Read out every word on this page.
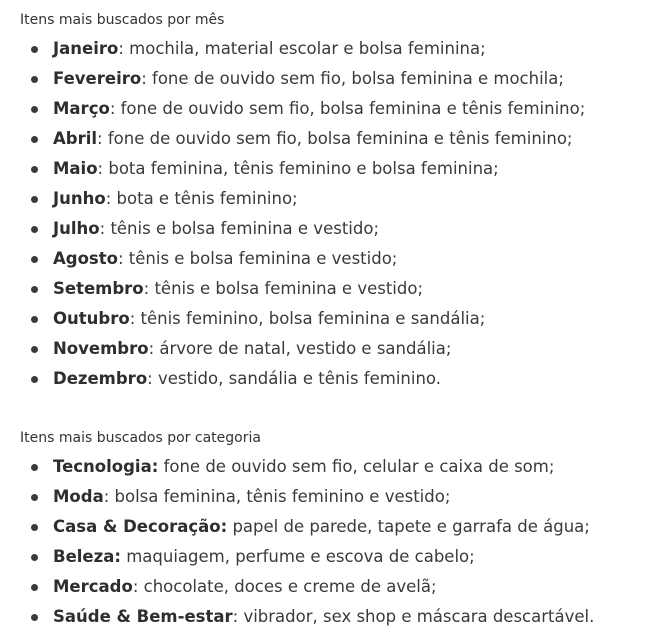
Itens mais buscados por mês
Janeiro: mochila, material escolar e bolsa feminina;
Fevereiro: fone de ouvido sem fio, bolsa feminina e mochila;
Março: fone de ouvido sem fio, bolsa feminina e tênis feminino;
Abril: fone de ouvido sem fio, bolsa feminina e tênis feminino;
Maio: bota feminina, tênis feminino e bolsa feminina;
Junho: bota e tênis feminino;
Julho: tênis e bolsa feminina e vestido;
Agosto: tênis e bolsa feminina e vestido;
Setembro: tênis e bolsa feminina e vestido;
Outubro: tênis feminino, bolsa feminina e sandália;
Novembro: árvore de natal, vestido e sandália;
Dezembro: vestido, sandália e tênis feminino.
Itens mais buscados por categoria
Tecnologia: fone de ouvido sem fio, celular e caixa de som;
Moda: bolsa feminina, tênis feminino e vestido;
Casa & Decoração: papel de parede, tapete e garrafa de água;
Beleza: maquiagem, perfume e escova de cabelo;
Mercado: chocolate, doces e creme de avelã;
Saúde & Bem-estar: vibrador, sex shop e máscara descartável.
